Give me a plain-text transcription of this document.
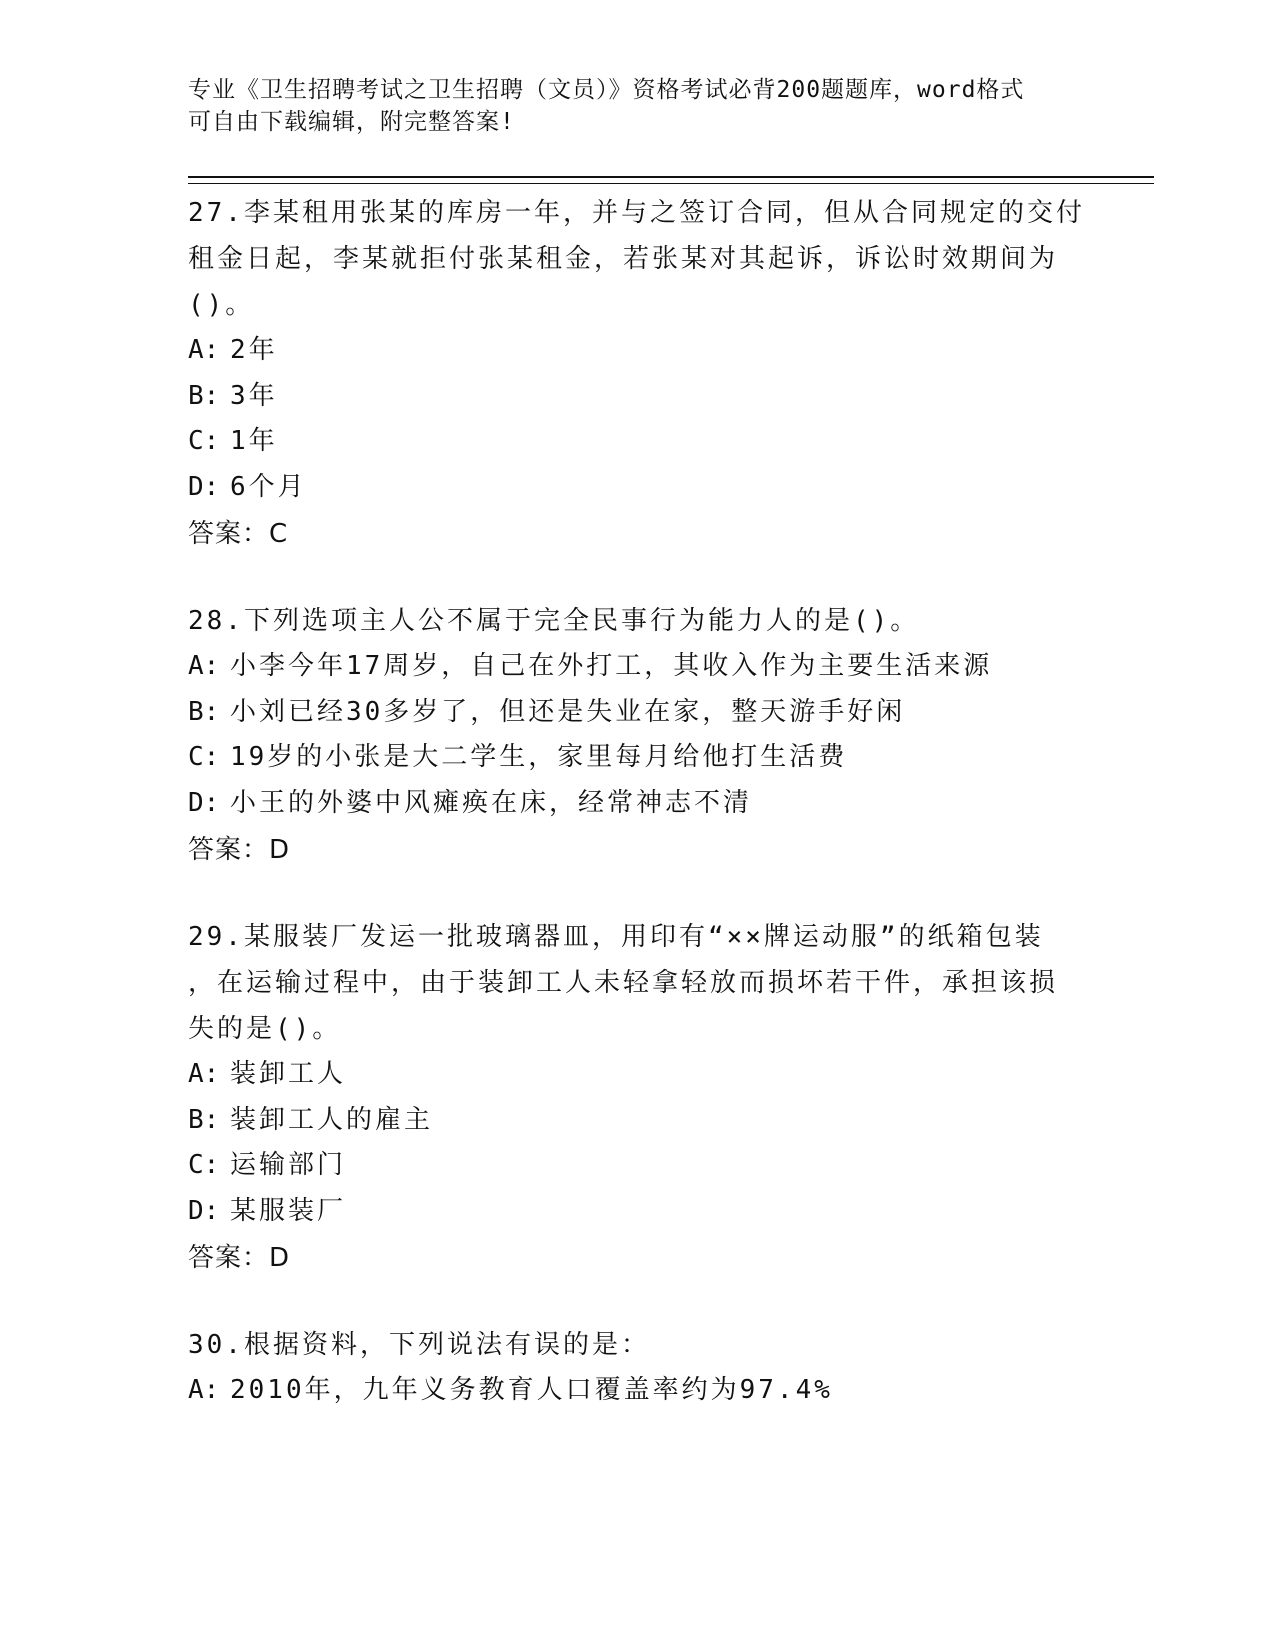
专业《卫生招聘考试之卫生招聘（文员）》资格考试必背200题题库，word格式
可自由下载编辑，附完整答案!
27.李某租用张某的库房一年，并与之签订合同，但从合同规定的交付
租金日起，李某就拒付张某租金，若张某对其起诉，诉讼时效期间为
()。
A: 2年
B: 3年
C: 1年
D: 6个月
答案：C
28.下列选项主人公不属于完全民事行为能力人的是()。
A: 小李今年17周岁，自己在外打工，其收入作为主要生活来源
B: 小刘已经30多岁了，但还是失业在家，整天游手好闲
C: 19岁的小张是大二学生，家里每月给他打生活费
D: 小王的外婆中风瘫痪在床，经常神志不清
答案：D
29.某服装厂发运一批玻璃器皿，用印有“××牌运动服”的纸箱包装
，在运输过程中，由于装卸工人未轻拿轻放而损坏若干件，承担该损
失的是()。
A: 装卸工人
B: 装卸工人的雇主
C: 运输部门
D: 某服装厂
答案：D
30.根据资料，下列说法有误的是：
A: 2010年，九年义务教育人口覆盖率约为97.4%
